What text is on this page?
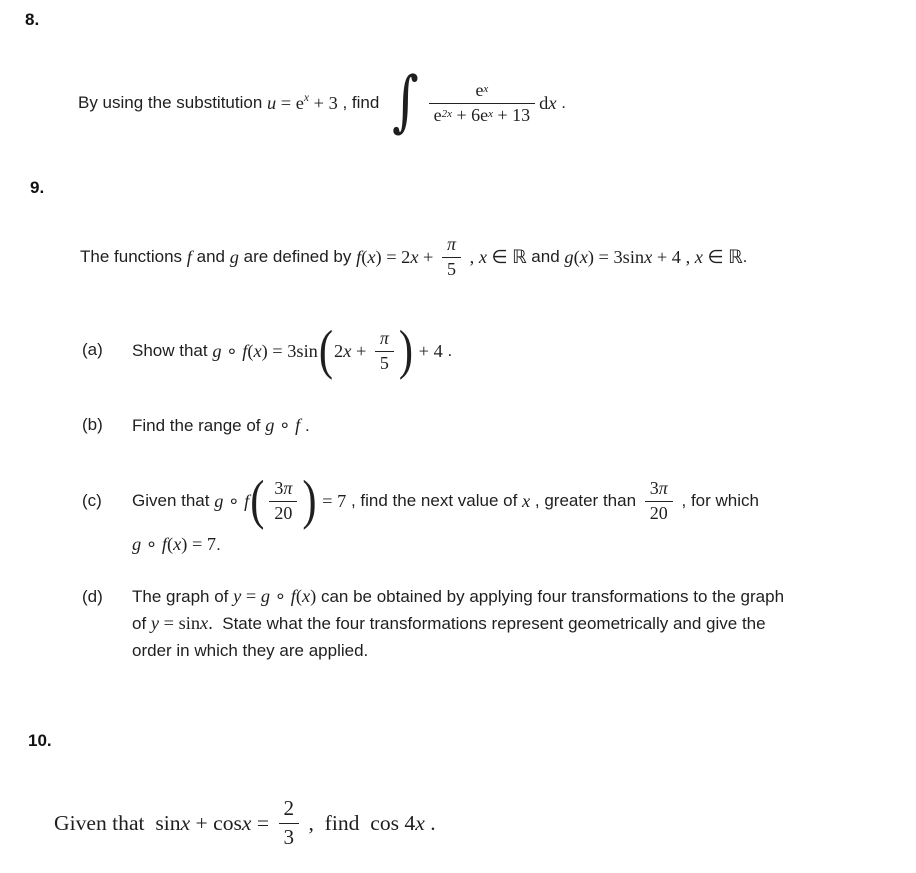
8.
By using the substitution u = e x + 3 , find ∫ $\frac{e^x}{e^{2x} + 6e^x + 13}$ d x .
9.
The functions f and g are defined by f ( x ) = 2 $x + \frac{\pi}{5}$ , x ∈ ℝ and g ( x ) = 3sin x + 4 , x ∈ ℝ .
(a) Show that g ∘ f ( x ) = 3sin ( 2 $x + \frac{\pi}{5}$ ) + 4 .
(b) Find the range of g ∘ f .
(c) Given that g ∘ f ( $\frac{3\pi}{20}$ ) = 7 , find the next value of x , greater than $\frac{3\pi}{20}$ , for which
g ∘ f ( x ) = 7 .
(d) The graph of y = g ∘ f ( x ) can be obtained by applying four transformations to the graph
of y = sin x . State what the four transformations represent geometrically and give the
order in which they are applied.
10.
Given that  $\sin x + \cos x = \frac{2}{3}$ ,  find  cos 4 x .
